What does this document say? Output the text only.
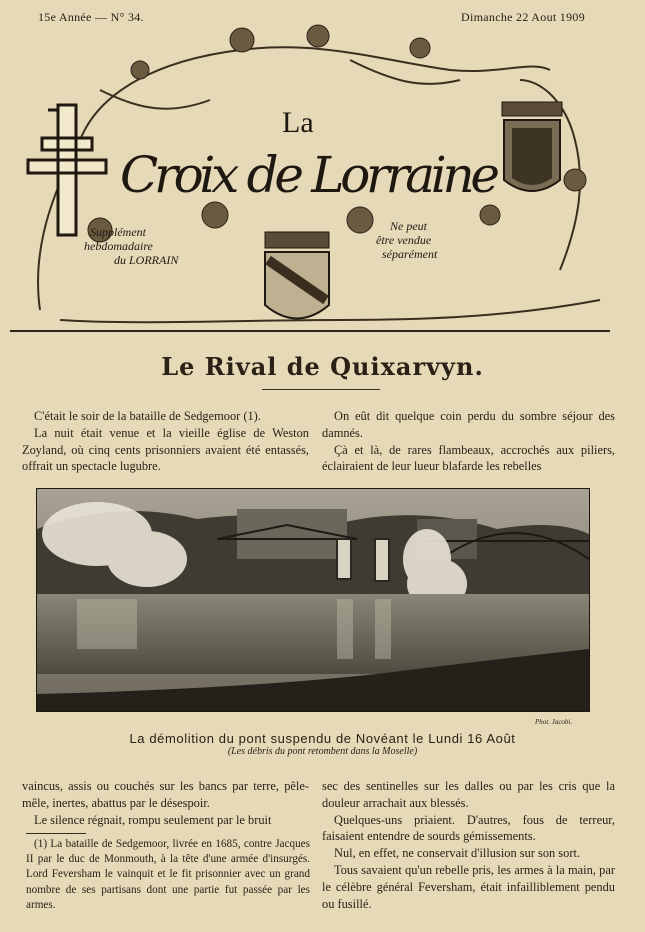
15e Année — N° 34.	Dimanche 22 Aout 1909
La
Croix de Lorraine
Supplément
hebdomadaire
du LORRAIN
Ne peut
être vendue
séparément
Le Rival de Quixarvyn.

C'était le soir de la bataille de Sedgemoor (1).

La nuit était venue et la vieille église de Weston Zoyland, où cinq cents prisonniers avaient été entassés, offrait un spectacle lugubre.

On eût dit quelque coin perdu du sombre séjour des damnés.

Çà et là, de rares flambeaux, accrochés aux piliers, éclairaient de leur lueur blafarde les rebelles

Phot. Jacobi.
La démolition du pont suspendu de Novéant le Lundi 16 Août
(Les débris du pont retombent dans la Moselle)

vaincus, assis ou couchés sur les bancs par terre, pêle-mêle, inertes, abattus par le désespoir.

Le silence régnait, rompu seulement par le bruit

sec des sentinelles sur les dalles ou par les cris que la douleur arrachait aux blessés.

Quelques-uns priaient. D'autres, fous de terreur, faisaient entendre de sourds gémissements.

Nul, en effet, ne conservait d'illusion sur son sort.

Tous savaient qu'un rebelle pris, les armes à la main, par le célèbre général Feversham, était infailliblement pendu ou fusillé.

(1) La bataille de Sedgemoor, livrée en 1685, contre Jacques II par le duc de Monmouth, à la tête d'une armée d'insurgés. Lord Feversham le vainquit et le fit prisonnier avec un grand nombre de ses partisans dont une partie fut passée par les armes.
